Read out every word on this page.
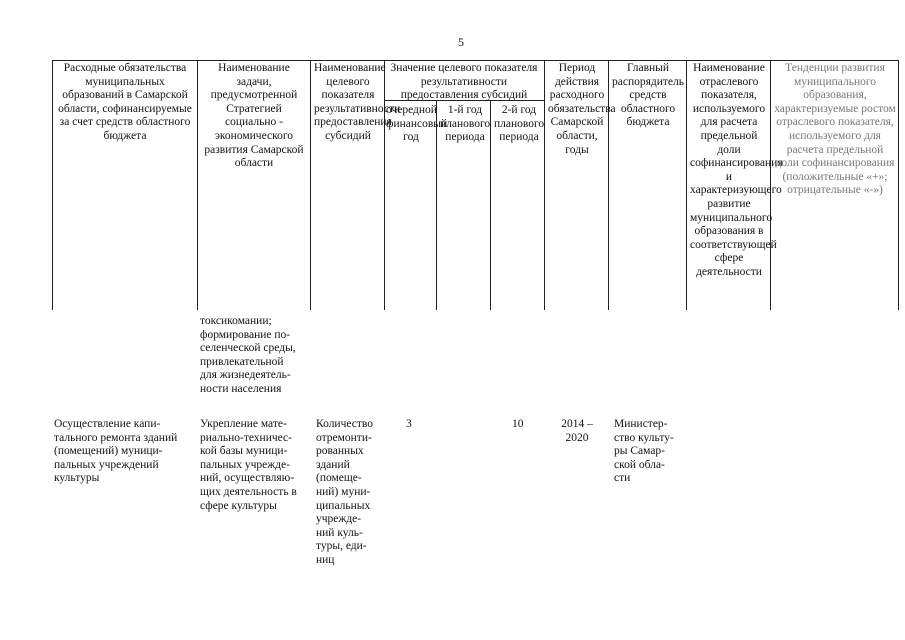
5
Расходные обязательства муниципальных образований в Самарской области, софинансируемые за счет средств областного бюджета
Наименование задачи, предусмотренной Стратегией социально - экономического развития Самарской области
Наименование целевого показателя результативности предоставления субсидий
Значение целевого показателя результативности предоставления субсидий
очередной финансовый год
1-й год планового периода
2-й год планового периода
Период действия расходного обязательства Самарской области, годы
Главный распорядитель средств областного бюджета
Наименование отраслевого показателя, используемого для расчета предельной доли софинансирования и характеризующего развитие муниципального образования в соответствующей сфере деятельности
Тенденции развития муниципального образования, характеризуемые ростом отраслевого показателя, используемого для расчета предельной доли софинансирования (положительные «+»; отрицательные «-»)
токсикомании;
формирование по-
селенческой среды,
привлекательной
для жизнедеятель-
ности населения
Осуществление капи-
тального ремонта зданий
(помещений) муници-
пальных учреждений
культуры
Укрепление мате-
риально-техничес-
кой базы муници-
пальных учрежде-
ний, осуществляю-
щих деятельность в
сфере культуры
Количество
отремонти-
рованных
зданий
(помеще-
ний) муни-
ципальных
учрежде-
ний куль-
туры, еди-
ниц
3	10	2014 –
2020
Министер-
ство культу-
ры Самар-
ской обла-
сти
